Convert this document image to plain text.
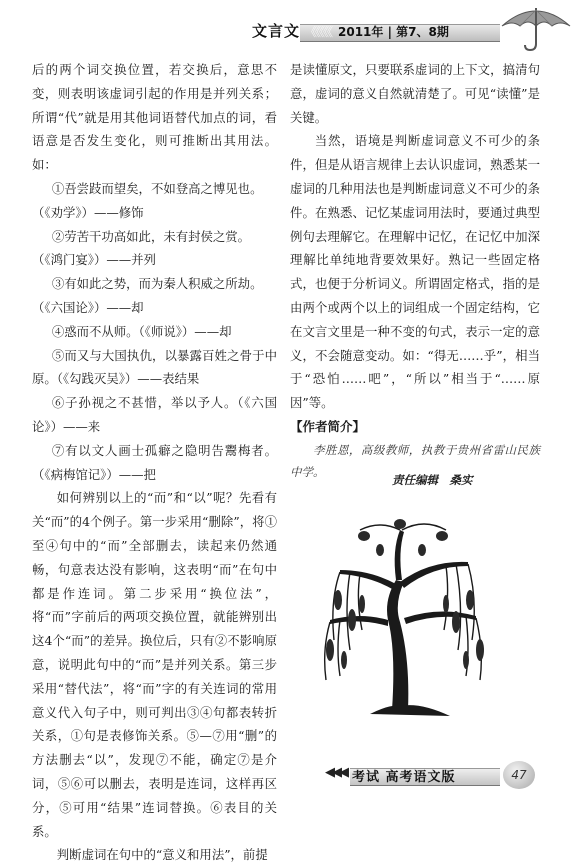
文言文 《《《《《 2011年 | 第7、8期

后的两个词交换位置，若交换后，意思不变，则表明该虚词引起的作用是并列关系；所谓“代”就是用其他词语替代加点的词，看语意是否发生变化，则可推断出其用法。如：

①吾尝跂而望矣，不如登高之博见也。

（《劝学》）——修饰

②劳苦干功高如此，未有封侯之赏。

（《鸿门宴》）——并列

③有如此之势，而为秦人积威之所劫。

（《六国论》）——却

④惑而不从师。（《师说》）——却

⑤而又与大国执仇，以暴露百姓之骨于中原。（《勾践灭吴》）——表结果

⑥子孙视之不甚惜，举以予人。（《六国论》）——来

⑦有以文人画士孤癖之隐明告鬻梅者。（《病梅馆记》）——把

如何辨别以上的“而”和“以”呢？先看有关“而”的4个例子。第一步采用“删除”，将①至④句中的“而”全部删去，读起来仍然通畅，句意表达没有影响，这表明“而”在句中都是作连词。第二步采用“换位法”，将“而”字前后的两项交换位置，就能辨别出这4个“而”的差异。换位后，只有②不影响原意，说明此句中的“而”是并列关系。第三步采用“替代法”，将“而”字的有关连词的常用意义代入句子中，则可判出③④句都表转折关系，①句是表修饰关系。⑤—⑦用“删”的方法删去“以”，发现⑦不能，确定⑦是介词，⑤⑥可以删去，表明是连词，这样再区分，⑤可用“结果”连词替换。⑥表目的关系。

判断虚词在句中的“意义和用法”，前提

是读懂原文，只要联系虚词的上下文，搞清句意，虚词的意义自然就清楚了。可见“读懂”是关键。

当然，语境是判断虚词意义不可少的条件，但是从语言规律上去认识虚词，熟悉某一虚词的几种用法也是判断虚词意义不可少的条件。在熟悉、记忆某虚词用法时，要通过典型例句去理解它。在理解中记忆，在记忆中加深理解比单纯地背要效果好。熟记一些固定格式，也便于分析词义。所谓固定格式，指的是由两个或两个以上的词组成一个固定结构，它在文言文里是一种不变的句式，表示一定的意义，不会随意变动。如：“得无……乎”，相当于“恐怕……吧”，“所以”相当于“……原因”等。

【作者简介】

李胜恩，高级教师，执教于贵州省雷山民族中学。

责任编辑　桑实
◀◀◀ 考试 高考语文版	47
